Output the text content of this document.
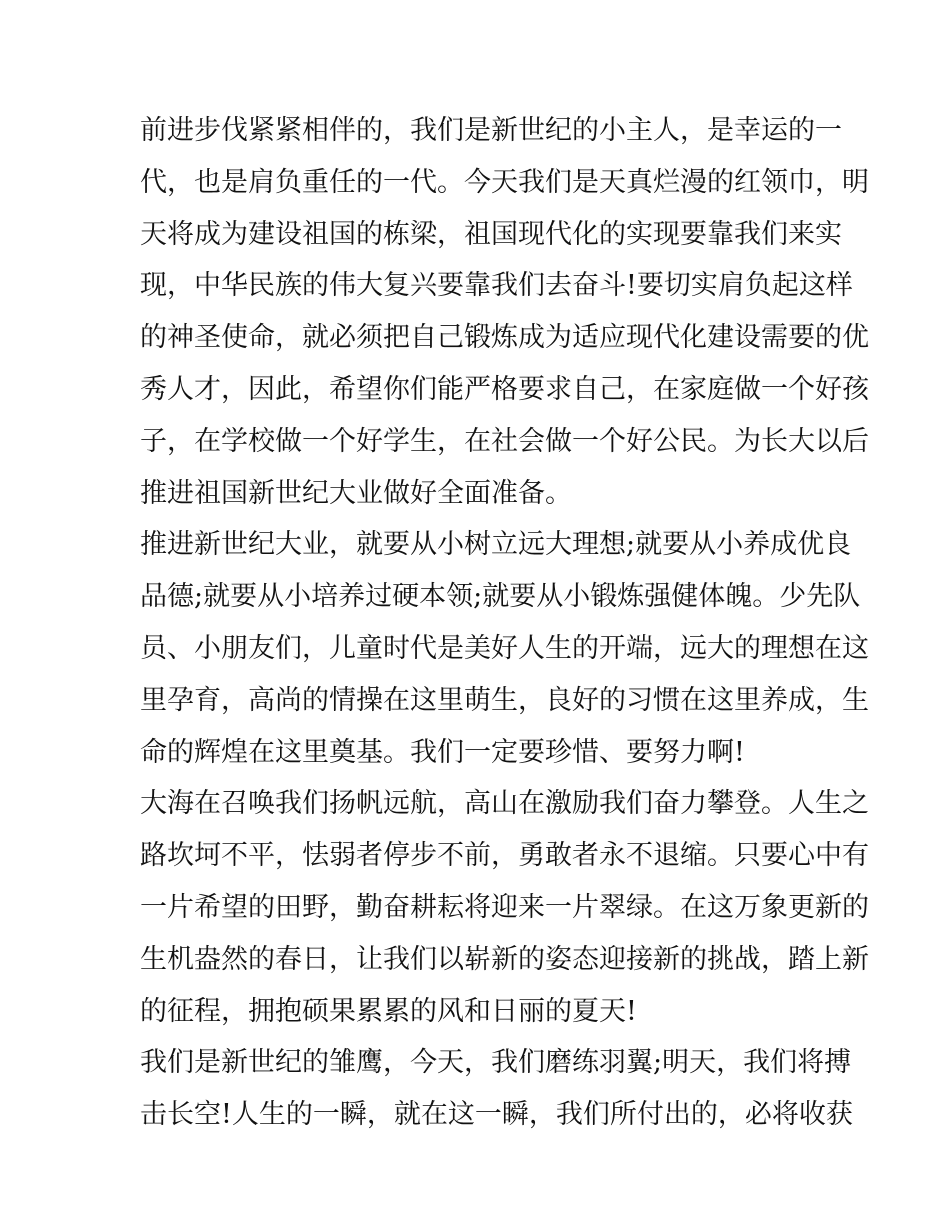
前进步伐紧紧相伴的，我们是新世纪的小主人，是幸运的一
代，也是肩负重任的一代。今天我们是天真烂漫的红领巾，明
天将成为建设祖国的栋梁，祖国现代化的实现要靠我们来实
现，中华民族的伟大复兴要靠我们去奋斗!要切实肩负起这样
的神圣使命，就必须把自己锻炼成为适应现代化建设需要的优
秀人才，因此，希望你们能严格要求自己，在家庭做一个好孩
子，在学校做一个好学生，在社会做一个好公民。为长大以后
推进祖国新世纪大业做好全面准备。
推进新世纪大业，就要从小树立远大理想;就要从小养成优良
品德;就要从小培养过硬本领;就要从小锻炼强健体魄。少先队
员、小朋友们，儿童时代是美好人生的开端，远大的理想在这
里孕育，高尚的情操在这里萌生，良好的习惯在这里养成，生
命的辉煌在这里奠基。我们一定要珍惜、要努力啊!
大海在召唤我们扬帆远航，高山在激励我们奋力攀登。人生之
路坎坷不平，怯弱者停步不前，勇敢者永不退缩。只要心中有
一片希望的田野，勤奋耕耘将迎来一片翠绿。在这万象更新的
生机盎然的春日，让我们以崭新的姿态迎接新的挑战，踏上新
的征程，拥抱硕果累累的风和日丽的夏天!
我们是新世纪的雏鹰，今天，我们磨练羽翼;明天，我们将搏
击长空!人生的一瞬，就在这一瞬，我们所付出的，必将收获
